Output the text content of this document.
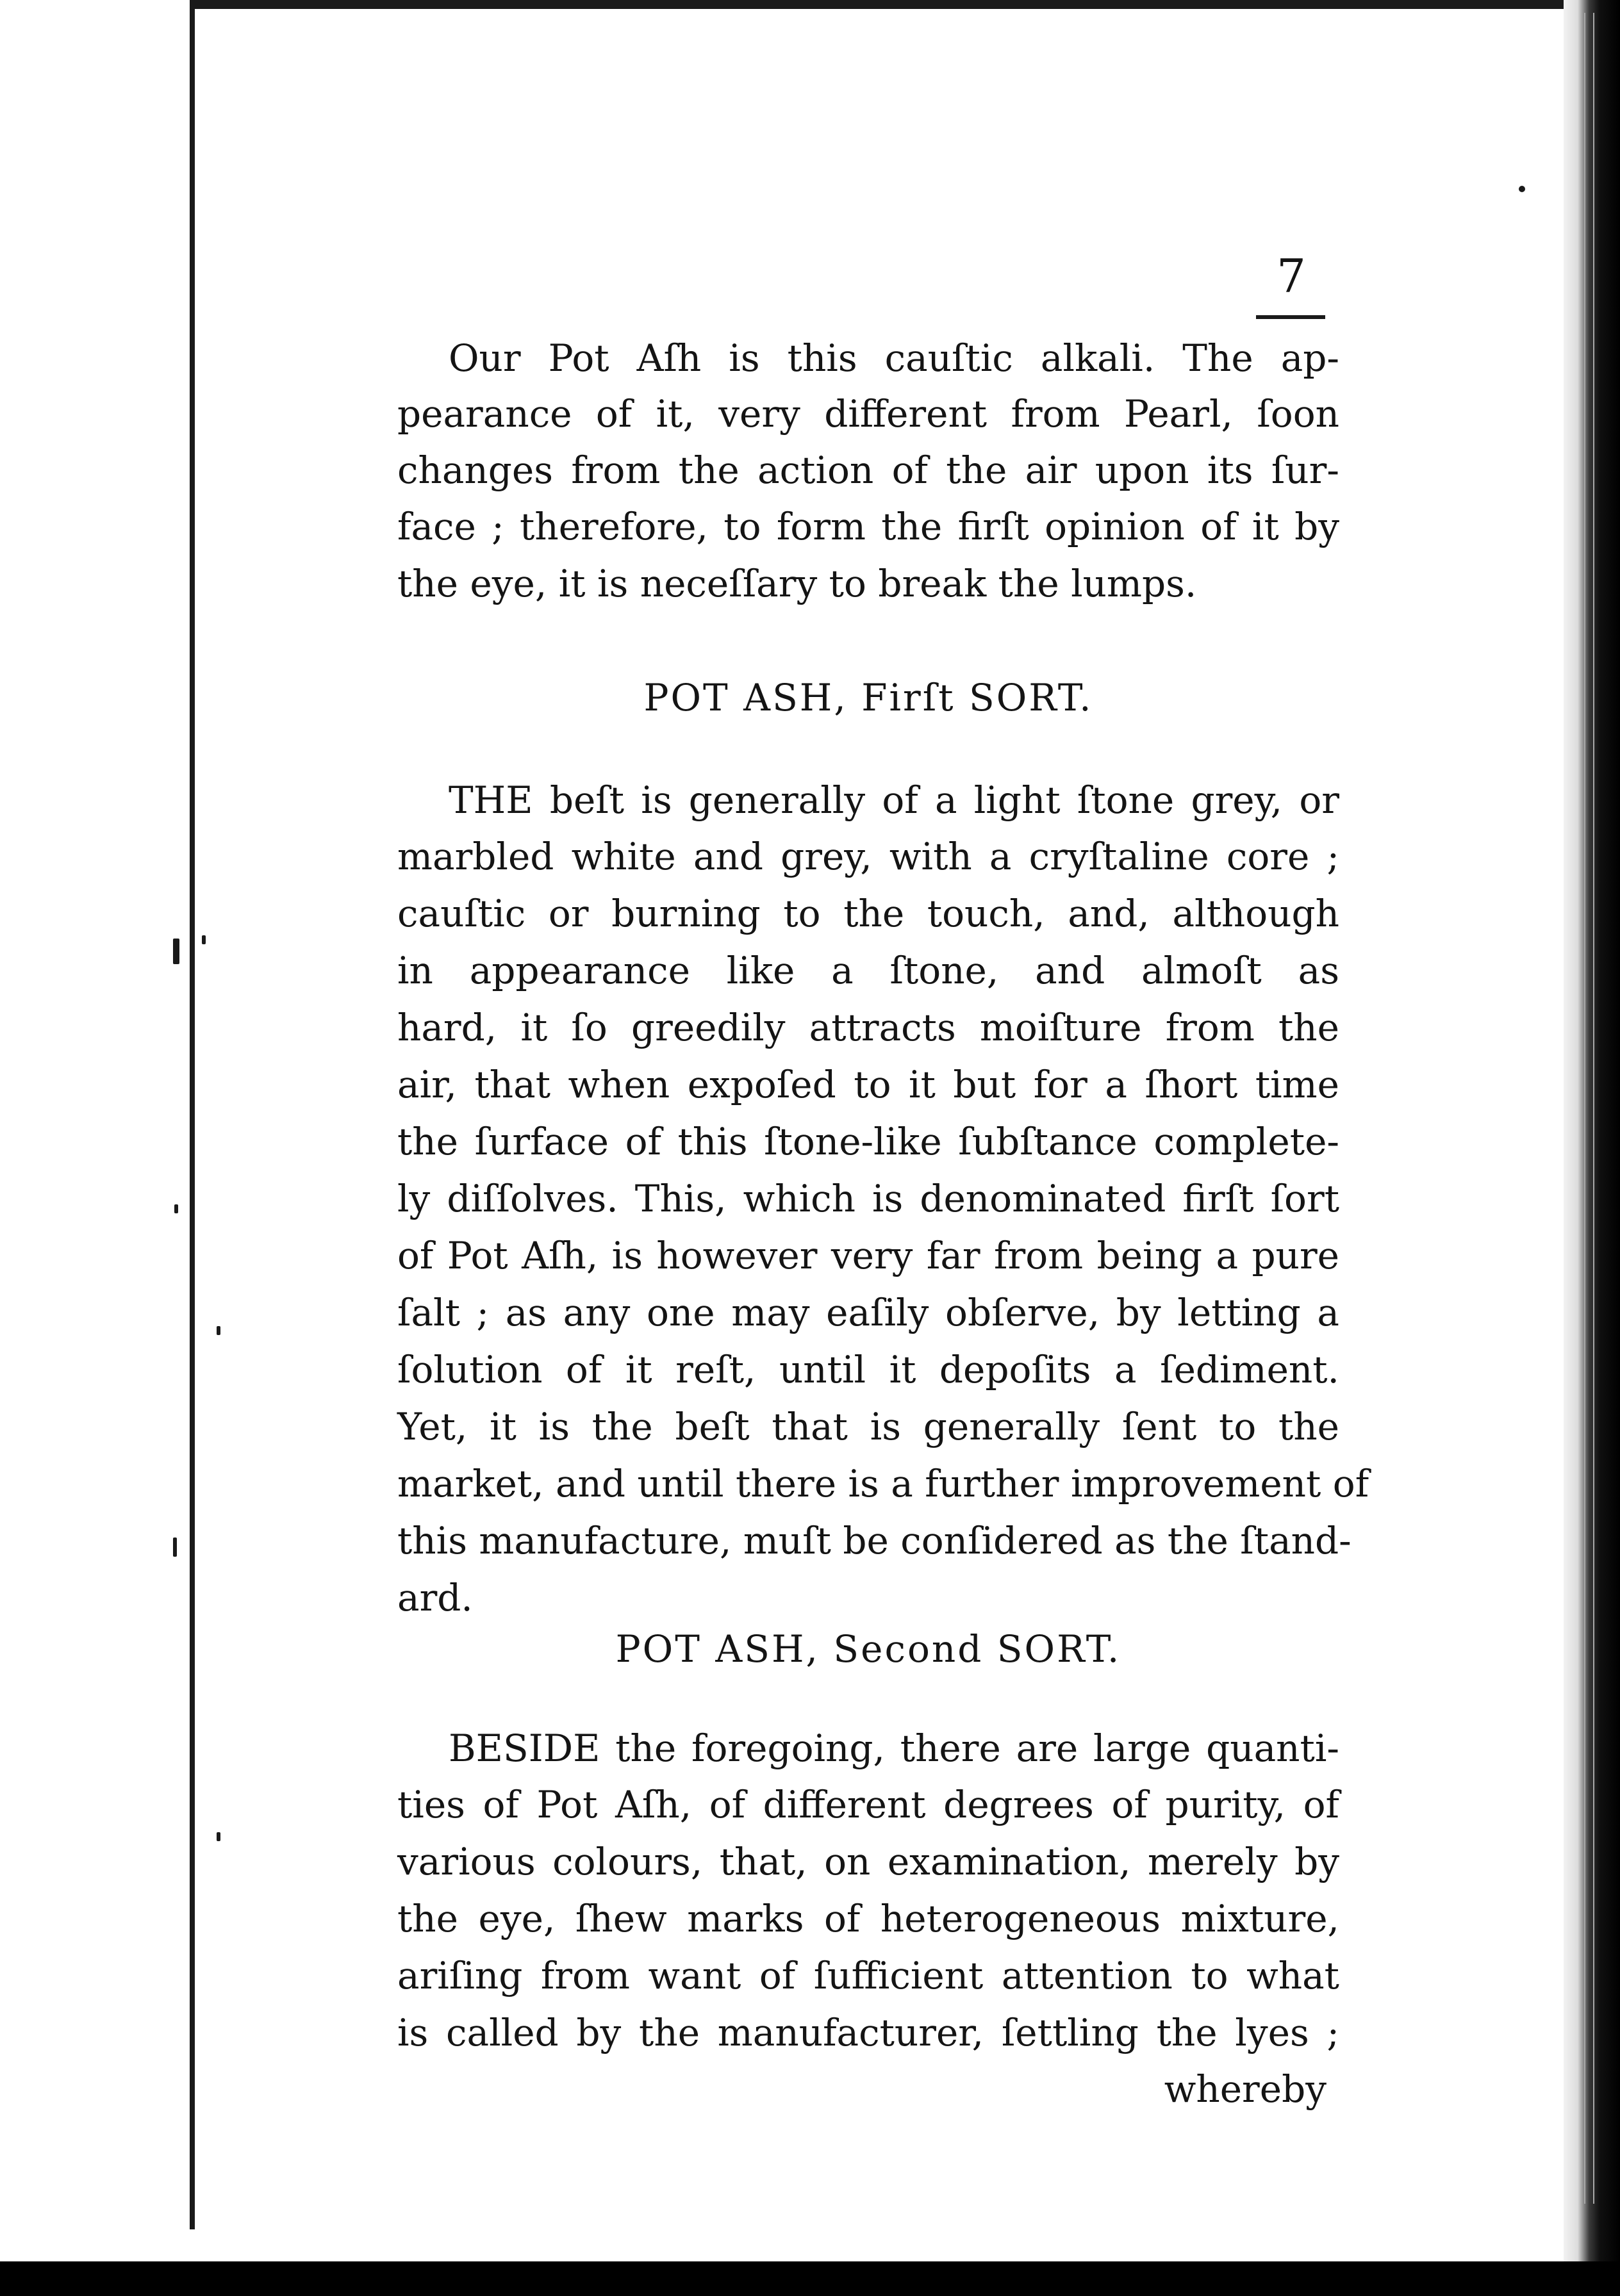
7

Our Pot Aſh is this cauſtic alkali. The ap-

pearance of it, very different from Pearl, ſoon

changes from the action of the air upon its ſur-

face ; therefore, to form the firſt opinion of it by

the eye, it is neceſſary to break the lumps.

POT ASH, Firſt SORT.

THE beſt is generally of a light ſtone grey, or

marbled white and grey, with a cryſtaline core ;

cauſtic or burning to the touch, and, although

in appearance like a ſtone, and almoſt as

hard, it ſo greedily attracts moiſture from the

air, that when expoſed to it but for a ſhort time

the ſurface of this ſtone-like ſubſtance complete-

ly diſſolves. This, which is denominated firſt ſort

of Pot Aſh, is however very far from being a pure

ſalt ; as any one may eaſily obſerve, by letting a

ſolution of it reſt, until it depoſits a ſediment.

Yet, it is the beſt that is generally ſent to the

market, and until there is a further improvement of

this manufacture, muſt be conſidered as the ſtand-

ard.

POT ASH, Second SORT.

BESIDE the foregoing, there are large quanti-

ties of Pot Aſh, of different degrees of purity, of

various colours, that, on examination, merely by

the eye, ſhew marks of heterogeneous mixture,

ariſing from want of ſufficient attention to what

is called by the manufacturer, ſettling the lyes ;

whereby
